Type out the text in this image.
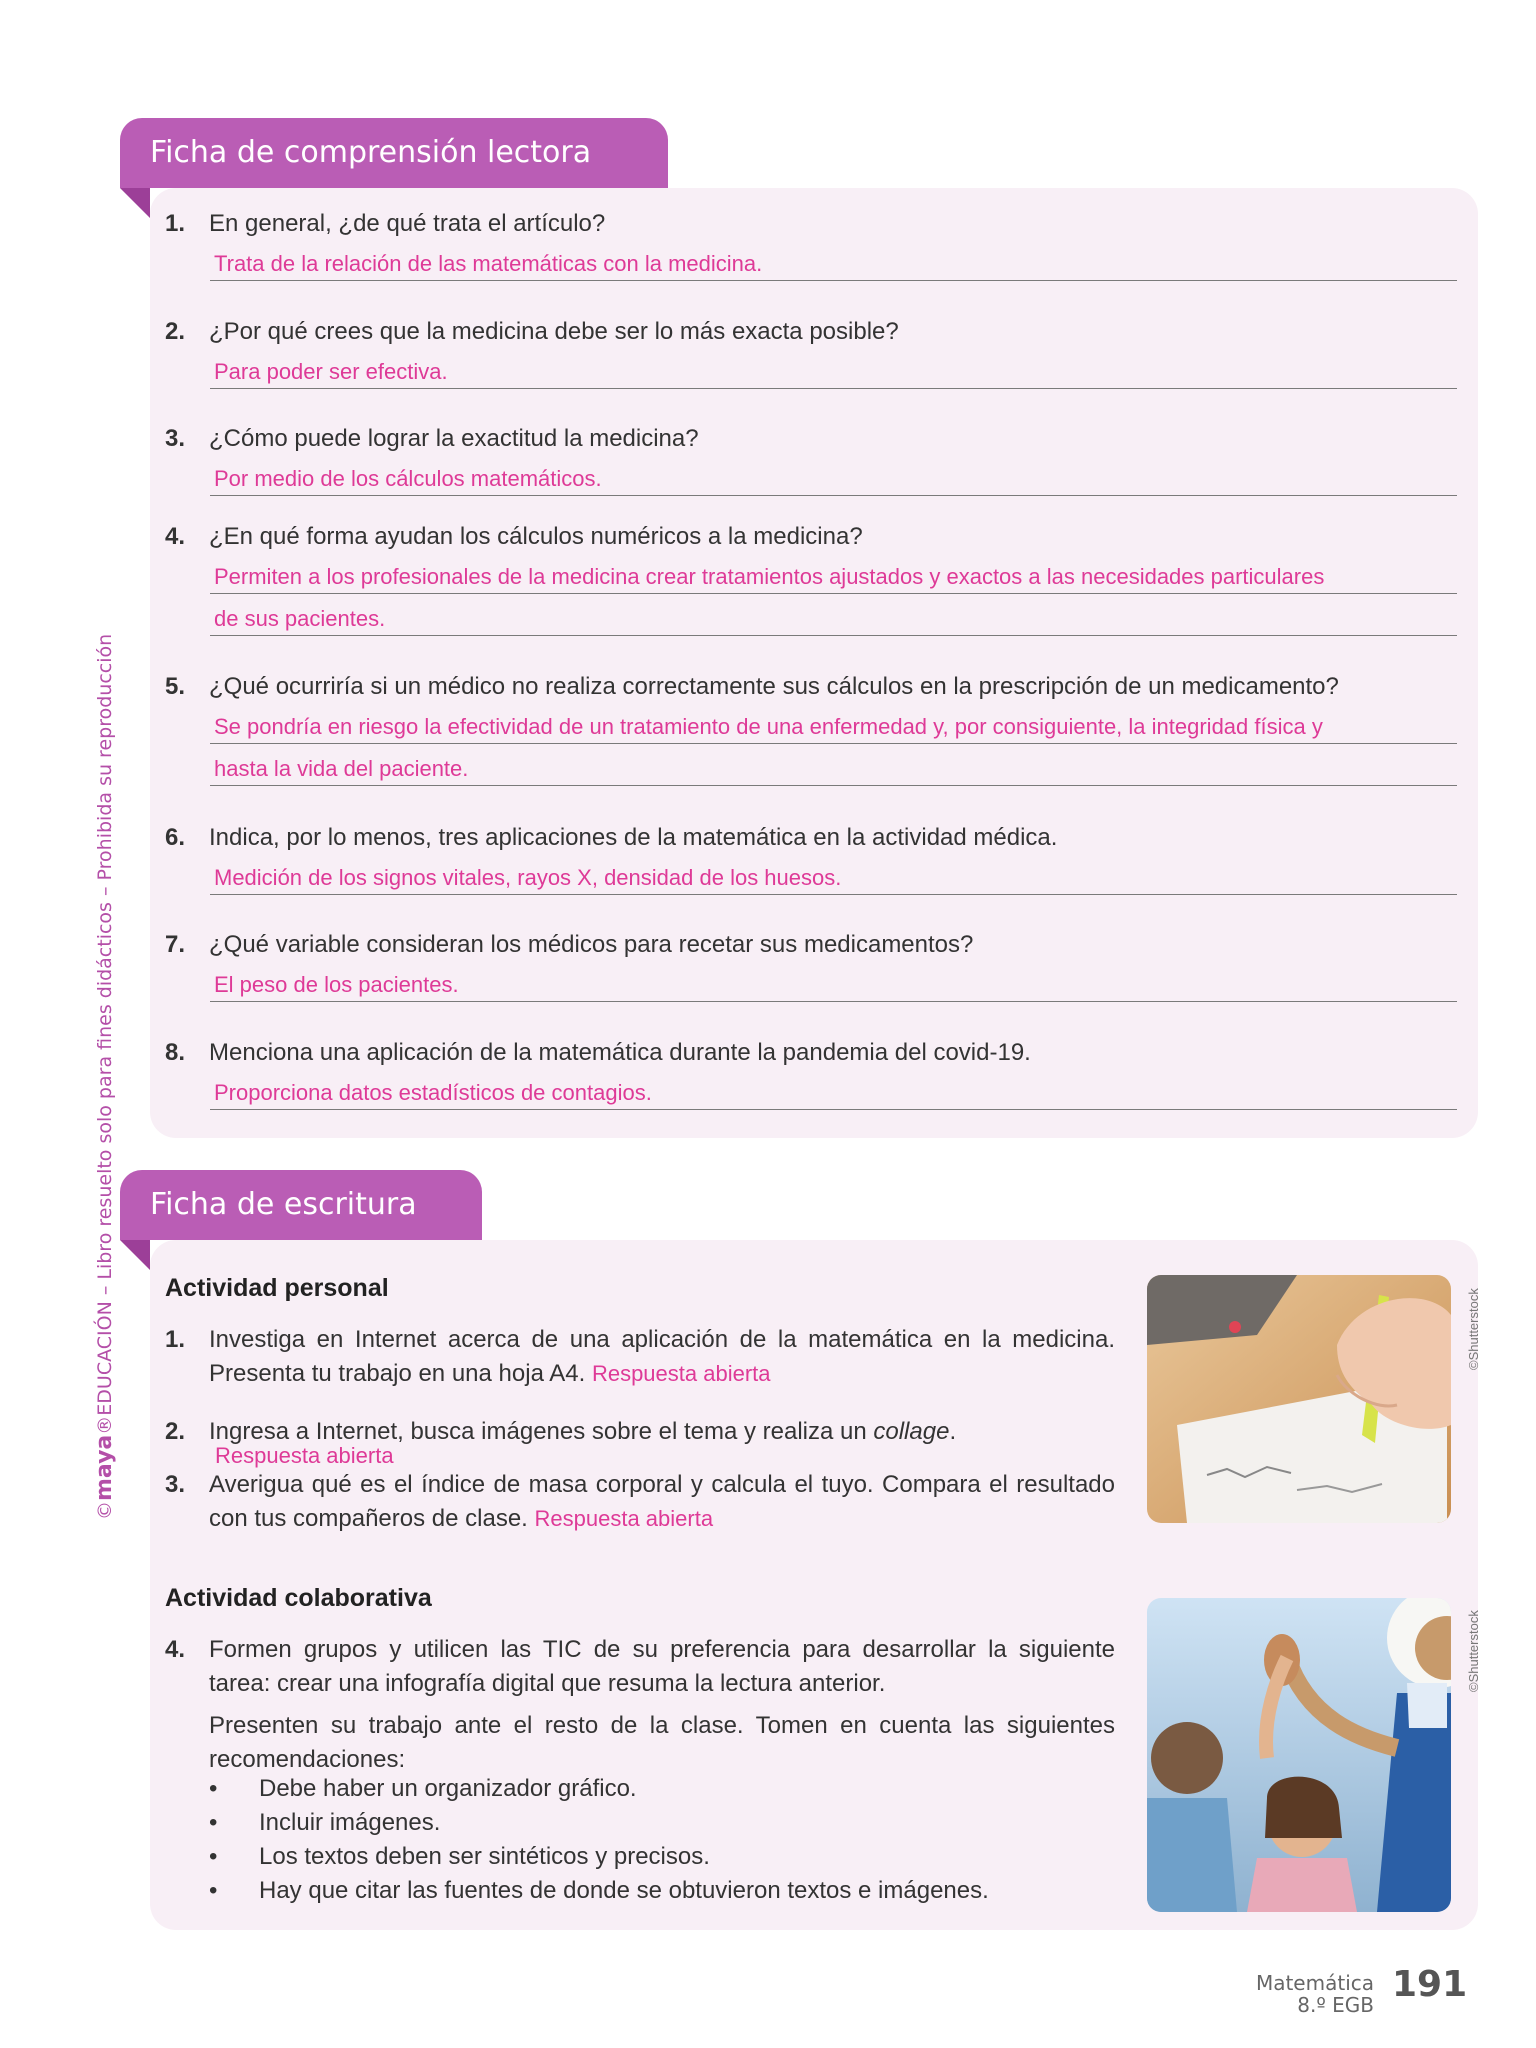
©maya®EDUCACIÓN – Libro resuelto solo para fines didácticos – Prohibida su reproducción
Ficha de comprensión lectora
1. En general, ¿de qué trata el artículo?
Trata de la relación de las matemáticas con la medicina.
2. ¿Por qué crees que la medicina debe ser lo más exacta posible?
Para poder ser efectiva.
3. ¿Cómo puede lograr la exactitud la medicina?
Por medio de los cálculos matemáticos.
4. ¿En qué forma ayudan los cálculos numéricos a la medicina?
Permiten a los profesionales de la medicina crear tratamientos ajustados y exactos a las necesidades particulares
de sus pacientes.
5. ¿Qué ocurriría si un médico no realiza correctamente sus cálculos en la prescripción de un medicamento?
Se pondría en riesgo la efectividad de un tratamiento de una enfermedad y, por consiguiente, la integridad física y
hasta la vida del paciente.
6. Indica, por lo menos, tres aplicaciones de la matemática en la actividad médica.
Medición de los signos vitales, rayos X, densidad de los huesos.
7. ¿Qué variable consideran los médicos para recetar sus medicamentos?
El peso de los pacientes.
8. Menciona una aplicación de la matemática durante la pandemia del covid-19.
Proporciona datos estadísticos de contagios.
Ficha de escritura
Actividad personal
1. Investiga en Internet acerca de una aplicación de la matemática en la medicina. Presenta tu trabajo en una hoja A4. Respuesta abierta
2. Ingresa a Internet, busca imágenes sobre el tema y realiza un collage.
Respuesta abierta
3. Averigua qué es el índice de masa corporal y calcula el tuyo. Compara el resultado con tus compañeros de clase. Respuesta abierta
Actividad colaborativa
4. Formen grupos y utilicen las TIC de su preferencia para desarrollar la siguiente tarea: crear una infografía digital que resuma la lectura anterior.
Presenten su trabajo ante el resto de la clase. Tomen en cuenta las siguientes recomendaciones:
• Debe haber un organizador gráfico.
• Incluir imágenes.
• Los textos deben ser sintéticos y precisos.
• Hay que citar las fuentes de donde se obtuvieron textos e imágenes.
©Shutterstock
©Shutterstock
Matemática
8.º EGB 191
